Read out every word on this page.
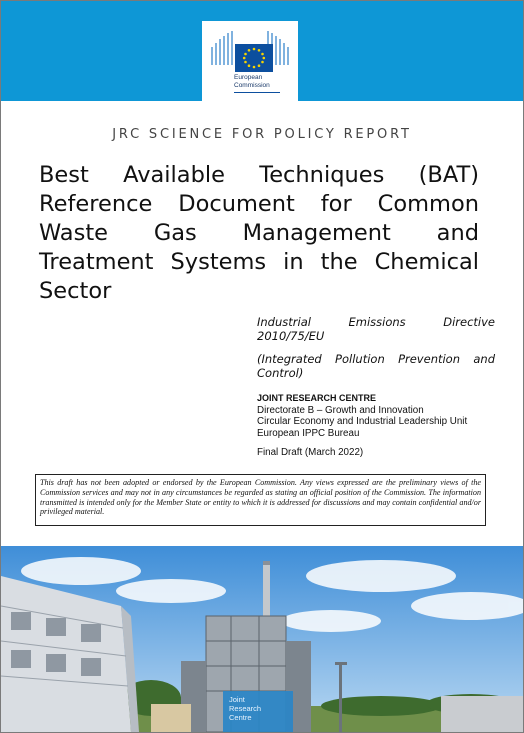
European
Commission
JRC SCIENCE FOR POLICY REPORT
Best Available Techniques (BAT) Reference Document for Common Waste Gas Management and Treatment Systems in the Chemical Sector
Industrial Emissions Directive 2010/75/EU
(Integrated Pollution Prevention and Control)
JOINT RESEARCH CENTRE
Directorate B – Growth and Innovation
Circular Economy and Industrial Leadership Unit
European IPPC Bureau
Final Draft (March 2022)
This draft has not been adopted or endorsed by the European Commission. Any views expressed are the preliminary views of the Commission services and may not in any circumstances be regarded as stating an official position of the Commission. The information transmitted is intended only for the Member State or entity to which it is addressed for discussions and may contain confidential and/or privileged material.
Joint
Research
Centre
